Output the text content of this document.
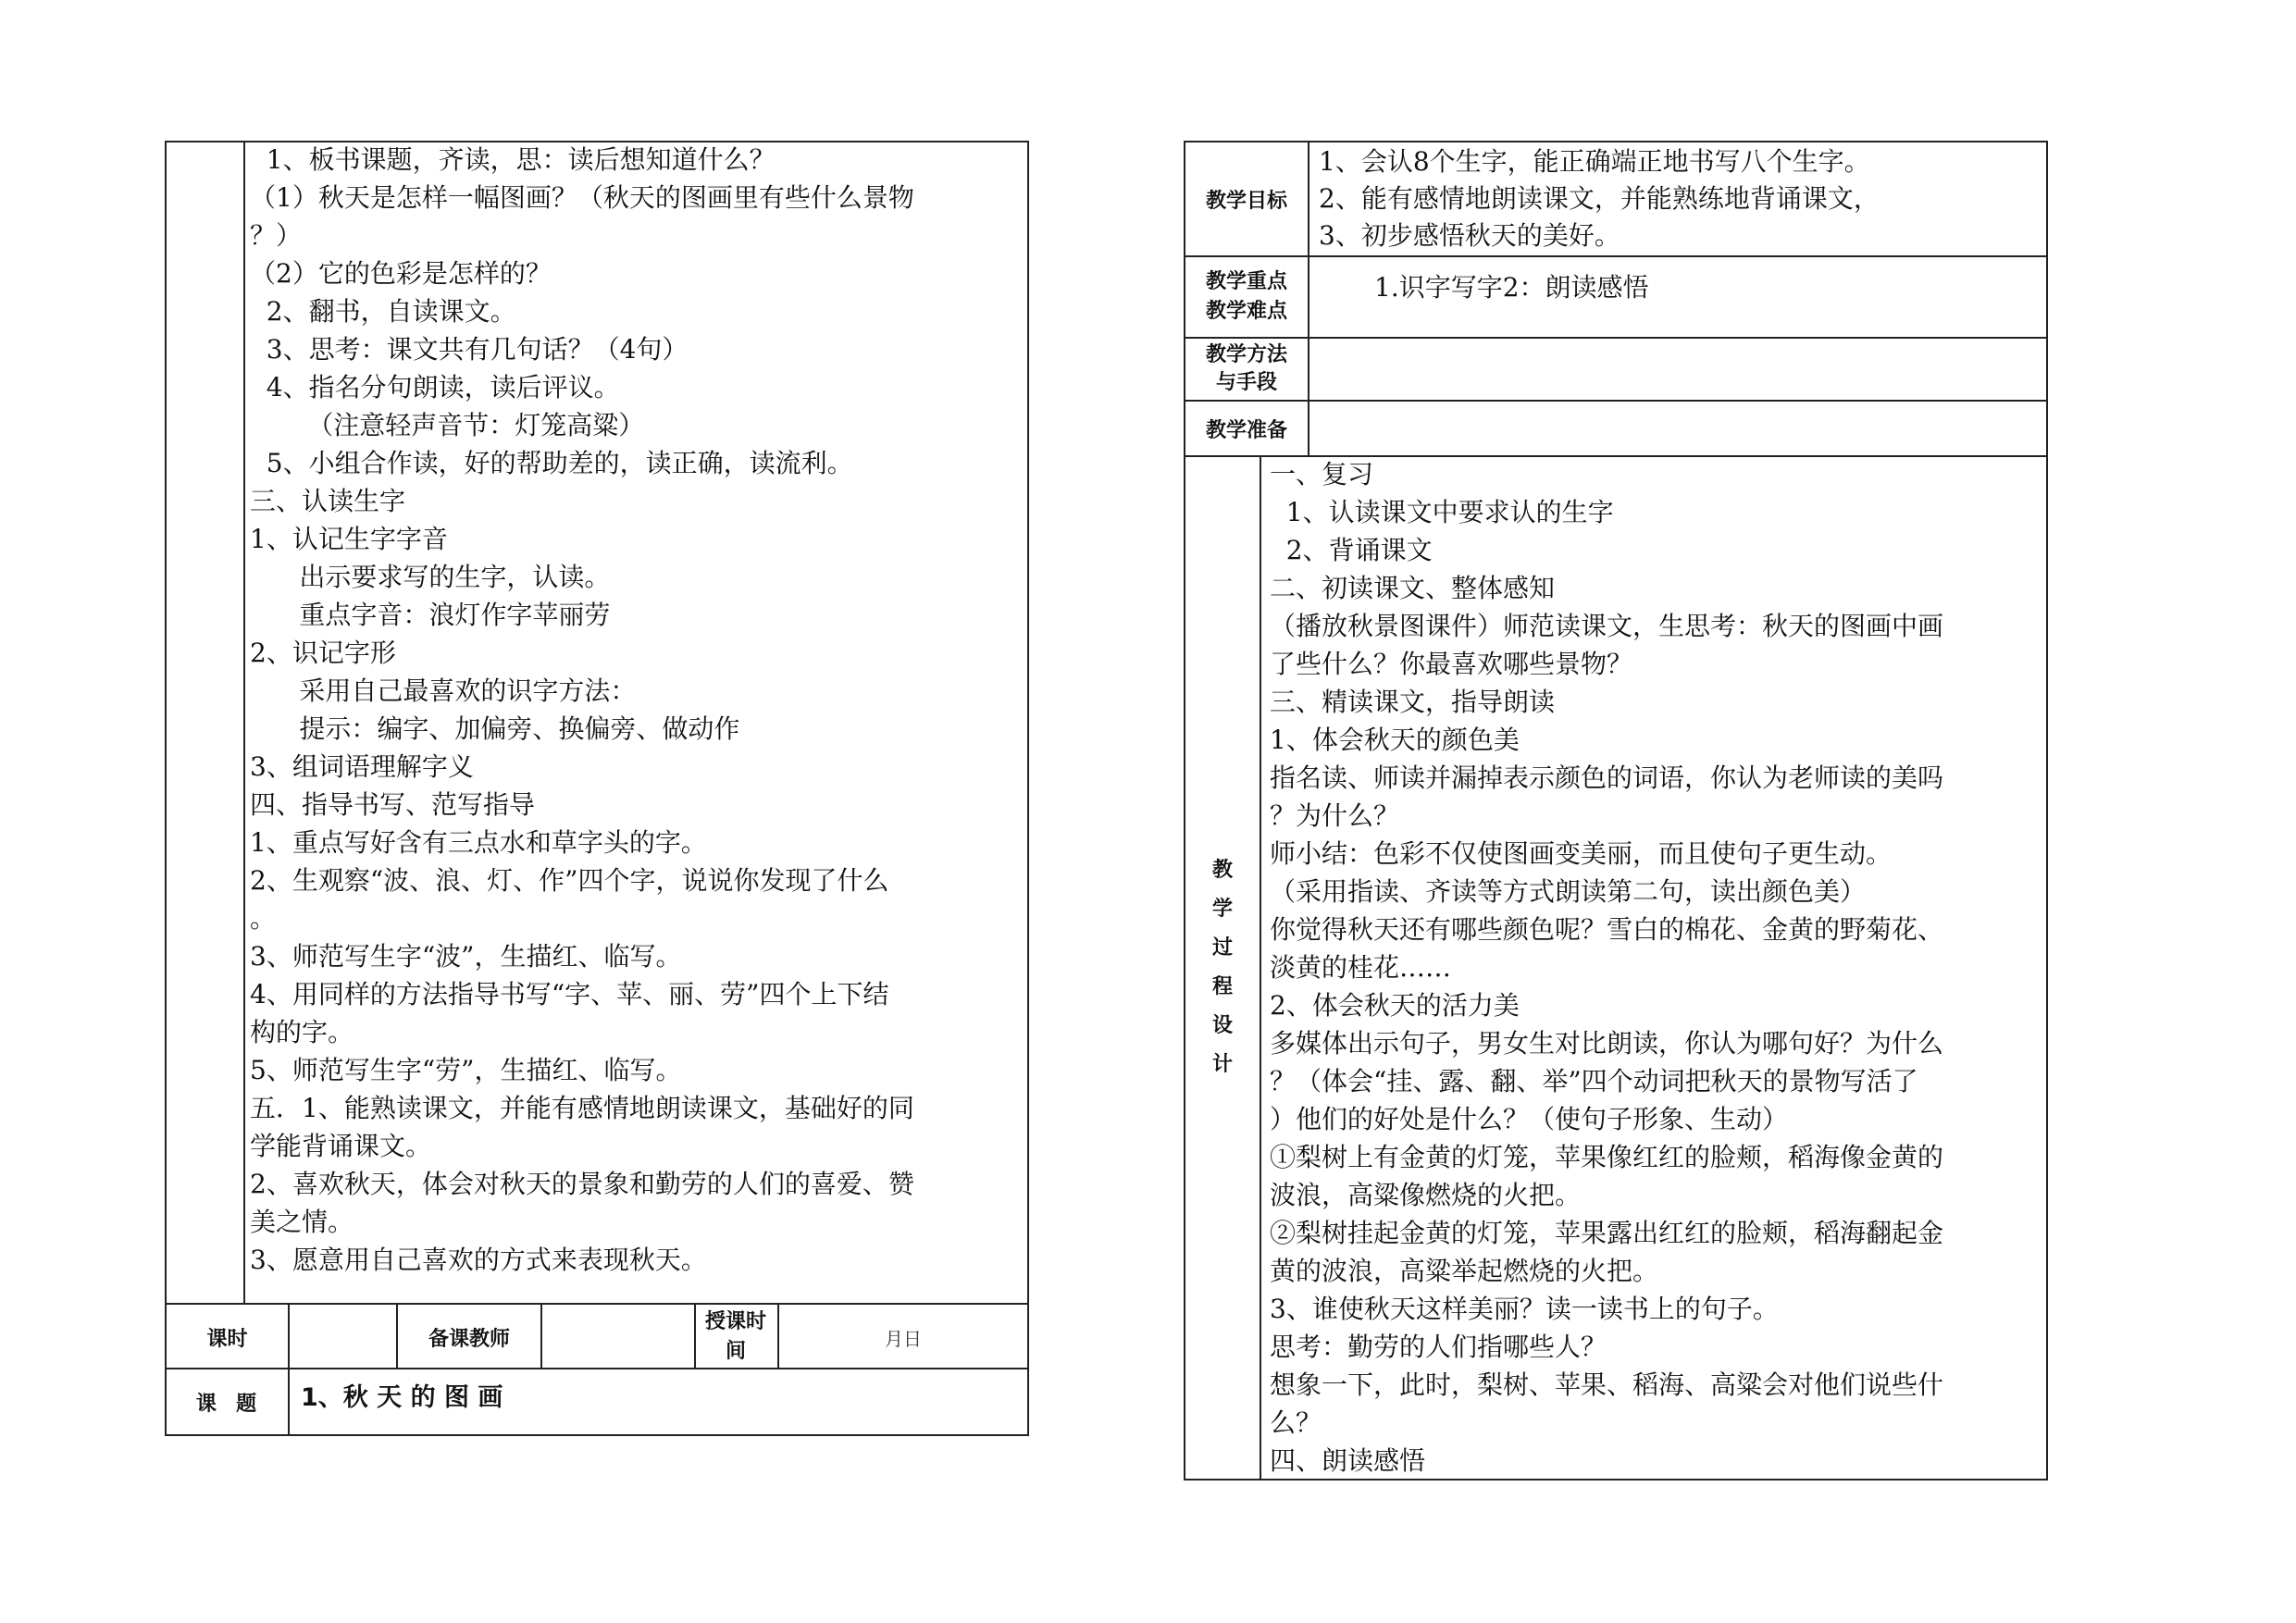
1、板书课题，齐读，思：读后想知道什么？
（1）秋天是怎样一幅图画？（秋天的图画里有些什么景物
？）
（2）它的色彩是怎样的？
2、翻书，自读课文。
3、思考：课文共有几句话？（4句）
4、指名分句朗读，读后评议。
（注意轻声音节：灯笼高粱）
5、小组合作读，好的帮助差的，读正确，读流利。
三、认读生字
1、认记生字字音
出示要求写的生字，认读。
重点字音：浪灯作字苹丽劳
2、识记字形
采用自己最喜欢的识字方法：
提示：编字、加偏旁、换偏旁、做动作
3、组词语理解字义
四、指导书写、范写指导
1、重点写好含有三点水和草字头的字。
2、生观察“波、浪、灯、作”四个字，说说你发现了什么
。
3、师范写生字“波”，生描红、临写。
4、用同样的方法指导书写“字、苹、丽、劳”四个上下结
构的字。
5、师范写生字“劳”，生描红、临写。
五．1、能熟读课文，并能有感情地朗读课文，基础好的同
学能背诵课文。
2、喜欢秋天，体会对秋天的景象和勤劳的人们的喜爱、赞
美之情。
3、愿意用自己喜欢的方式来表现秋天。
课时	备课教师
授课时间
月日
课  题	1、秋 天 的 图 画
教学目标
1、会认8个生字，能正确端正地书写八个生字。
2、能有感情地朗读课文，并能熟练地背诵课文，
3、初步感悟秋天的美好。
教学重点
教学难点
1.识字写字2：朗读感悟
教学方法
与手段
教学准备
教学过程设计
一、复习
1、认读课文中要求认的生字
2、背诵课文
二、初读课文、整体感知
（播放秋景图课件）师范读课文，生思考：秋天的图画中画
了些什么？你最喜欢哪些景物？
三、精读课文，指导朗读
1、体会秋天的颜色美
指名读、师读并漏掉表示颜色的词语，你认为老师读的美吗
？为什么？
师小结：色彩不仅使图画变美丽，而且使句子更生动。
（采用指读、齐读等方式朗读第二句，读出颜色美）
你觉得秋天还有哪些颜色呢？雪白的棉花、金黄的野菊花、
淡黄的桂花……
2、体会秋天的活力美
多媒体出示句子，男女生对比朗读，你认为哪句好？为什么
？（体会“挂、露、翻、举”四个动词把秋天的景物写活了
）他们的好处是什么？（使句子形象、生动）
①梨树上有金黄的灯笼，苹果像红红的脸颊，稻海像金黄的
波浪，高粱像燃烧的火把。
②梨树挂起金黄的灯笼，苹果露出红红的脸颊，稻海翻起金
黄的波浪，高粱举起燃烧的火把。
3、谁使秋天这样美丽？读一读书上的句子。
思考：勤劳的人们指哪些人？
想象一下，此时，梨树、苹果、稻海、高粱会对他们说些什
么？
四、朗读感悟
